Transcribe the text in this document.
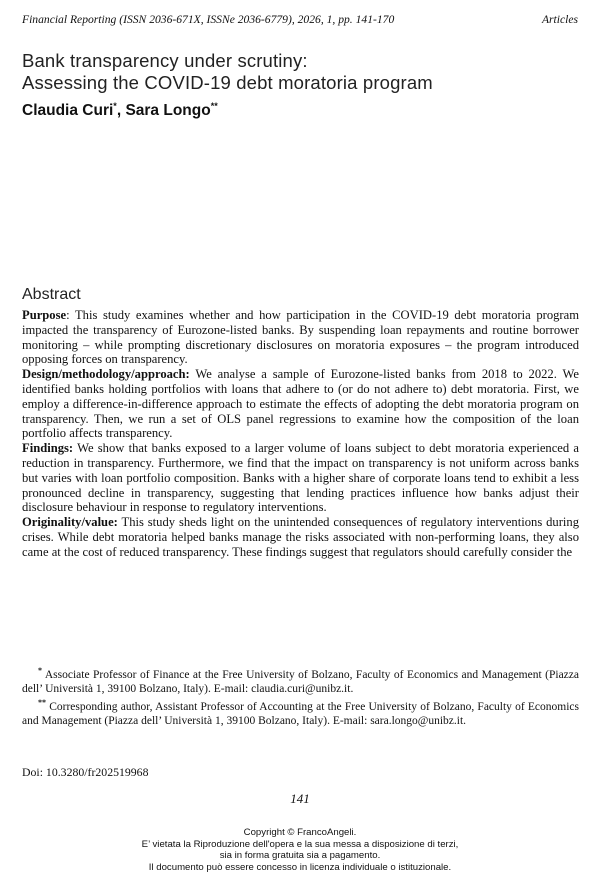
Financial Reporting (ISSN 2036-671X, ISSNe 2036-6779), 2026, 1, pp. 141-170	Articles
Bank transparency under scrutiny:
Assessing the COVID-19 debt moratoria program
Claudia Curi*, Sara Longo**
Abstract

Purpose: This study examines whether and how participation in the COVID-19 debt moratoria program impacted the transparency of Eurozone-listed banks. By suspending loan repayments and routine borrower monitoring – while prompting discretionary disclosures on moratoria exposures – the program introduced opposing forces on transparency.

Design/methodology/approach: We analyse a sample of Eurozone-listed banks from 2018 to 2022. We identified banks holding portfolios with loans that adhere to (or do not adhere to) debt moratoria. First, we employ a difference-in-difference approach to estimate the effects of adopting the debt moratoria program on transparency. Then, we run a set of OLS panel regressions to examine how the composition of the loan portfolio affects transparency.

Findings: We show that banks exposed to a larger volume of loans subject to debt moratoria experienced a reduction in transparency. Furthermore, we find that the impact on transparency is not uniform across banks but varies with loan portfolio composition. Banks with a higher share of corporate loans tend to exhibit a less pronounced decline in transparency, suggesting that lending practices influence how banks adjust their disclosure behaviour in response to regulatory interventions.

Originality/value: This study sheds light on the unintended consequences of regulatory interventions during crises. While debt moratoria helped banks manage the risks associated with non-performing loans, they also came at the cost of reduced transparency. These findings suggest that regulators should carefully consider the

* Associate Professor of Finance at the Free University of Bolzano, Faculty of Economics and Management (Piazza dell’ Università 1, 39100 Bolzano, Italy). E-mail: claudia.curi@unibz.it.

** Corresponding author, Assistant Professor of Accounting at the Free University of Bolzano, Faculty of Economics and Management (Piazza dell’ Università 1, 39100 Bolzano, Italy). E-mail: sara.longo@unibz.it.

Doi: 10.3280/fr202519968
141
Copyright © FrancoAngeli.
E’ vietata la Riproduzione dell'opera e la sua messa a disposizione di terzi,
sia in forma gratuita sia a pagamento.
Il documento può essere concesso in licenza individuale o istituzionale.
